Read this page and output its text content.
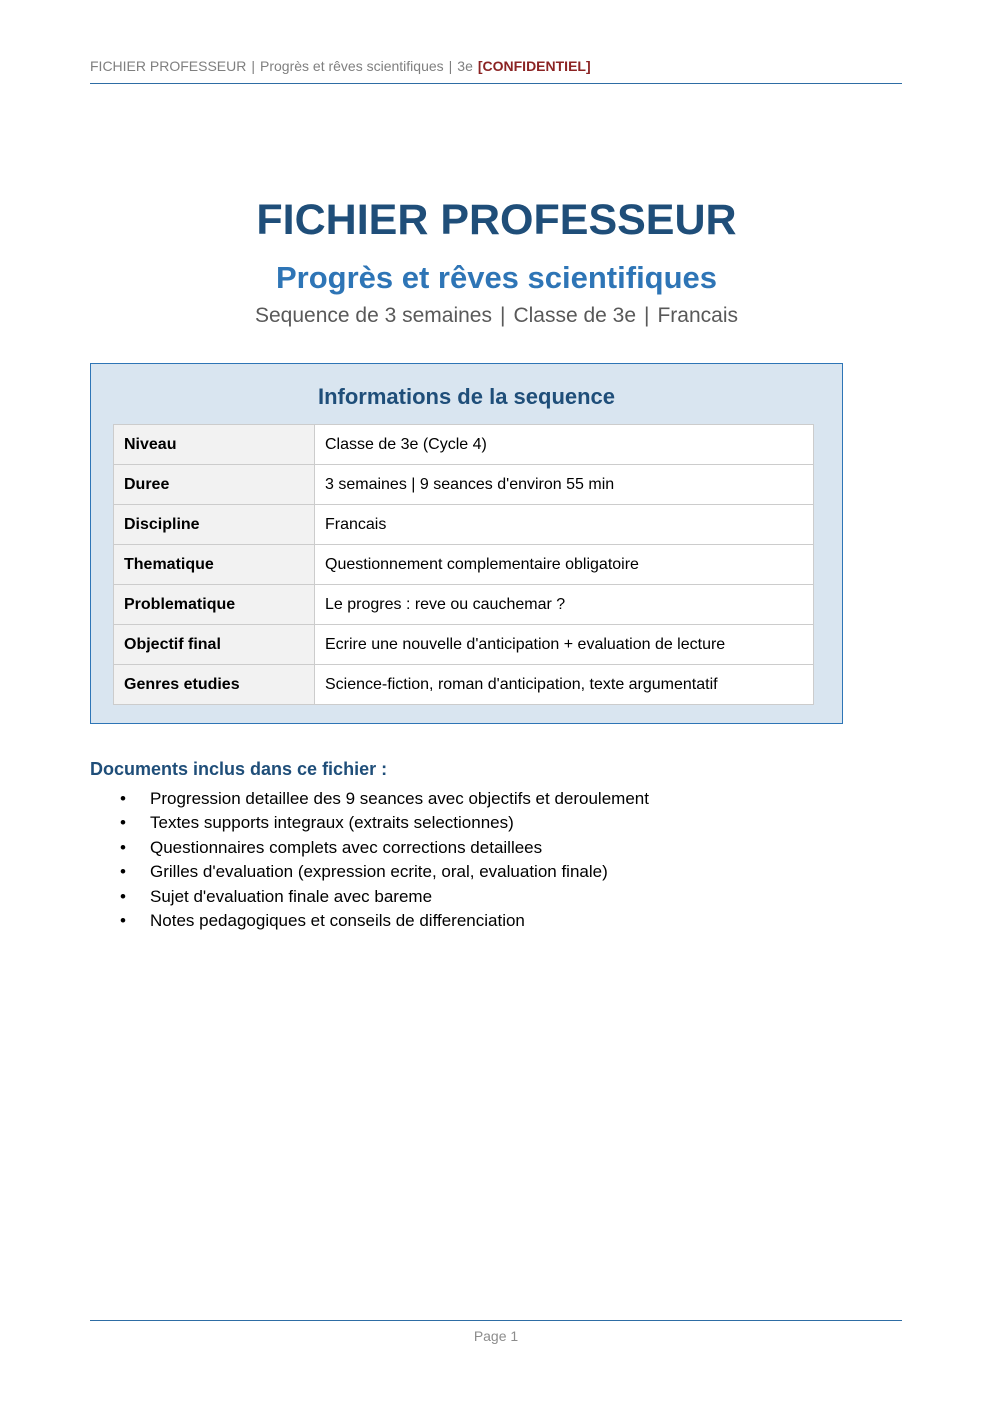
FICHIER PROFESSEUR | Progrès et rêves scientifiques | 3e [CONFIDENTIEL]
FICHIER PROFESSEUR
Progrès et rêves scientifiques
Sequence de 3 semaines | Classe de 3e | Francais
Informations de la sequence
Niveau	Classe de 3e (Cycle 4)
Duree	3 semaines | 9 seances d'environ 55 min
Discipline	Francais
Thematique	Questionnement complementaire obligatoire
Problematique	Le progres : reve ou cauchemar ?
Objectif final	Ecrire une nouvelle d'anticipation + evaluation de lecture
Genres etudies	Science-fiction, roman d'anticipation, texte argumentatif
Documents inclus dans ce fichier :
• Progression detaillee des 9 seances avec objectifs et deroulement
• Textes supports integraux (extraits selectionnes)
• Questionnaires complets avec corrections detaillees
• Grilles d'evaluation (expression ecrite, oral, evaluation finale)
• Sujet d'evaluation finale avec bareme
• Notes pedagogiques et conseils de differenciation
Page 1
